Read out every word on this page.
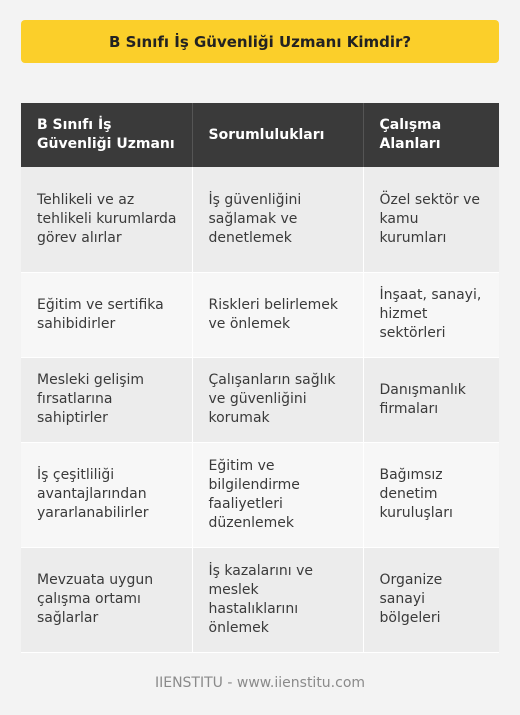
B Sınıfı İş Güvenliği Uzmanı Kimdir?
B Sınıfı İş Güvenliği Uzmanı	Sorumlulukları	Çalışma Alanları
Tehlikeli ve az tehlikeli kurumlarda görev alırlar	İş güvenliğini sağlamak ve denetlemek	Özel sektör ve kamu kurumları
Eğitim ve sertifika sahibidirler	Riskleri belirlemek ve önlemek	İnşaat, sanayi, hizmet sektörleri
Mesleki gelişim fırsatlarına sahiptirler	Çalışanların sağlık ve güvenliğini korumak	Danışmanlık firmaları
İş çeşitliliği avantajlarından yararlanabilirler	Eğitim ve bilgilendirme faaliyetleri düzenlemek	Bağımsız denetim kuruluşları
Mevzuata uygun çalışma ortamı sağlarlar	İş kazalarını ve meslek hastalıklarını önlemek	Organize sanayi bölgeleri
IIENSTITU - www.iienstitu.com
